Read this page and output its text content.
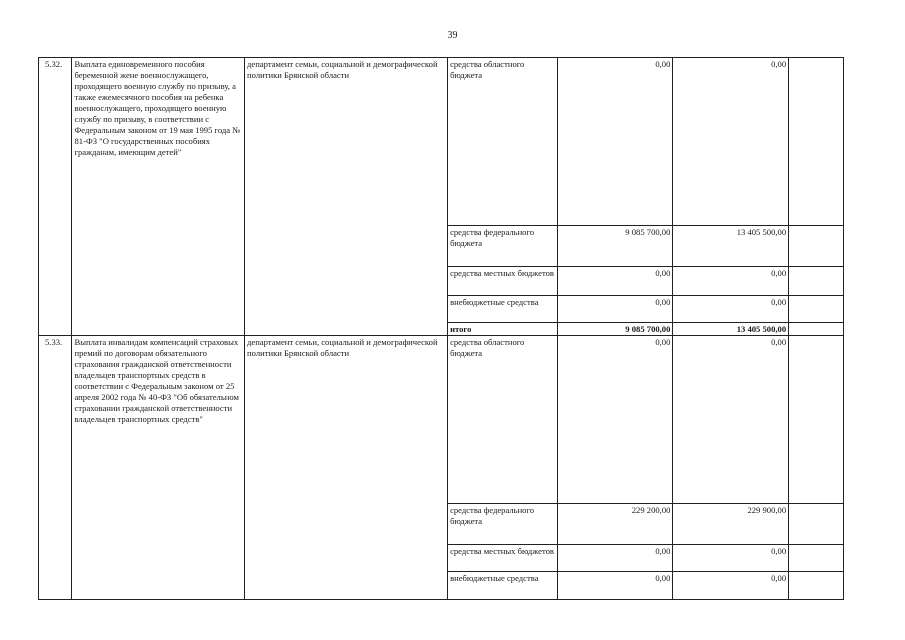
39
5.32.	Выплата единовременного пособия беременной жене военнослужащего, проходящего военную службу по призыву, а также ежемесячного пособия на ребенка военнослужащего, проходящего военную службу по призыву, в соответствии с Федеральным законом от 19 мая 1995 года № 81-ФЗ "О государственных пособиях гражданам, имеющим детей"	департамент семьи, социальной и демографической политики Брянской области	средства областного бюджета	0,00	0,00	
			средства федерального бюджета	9 085 700,00	13 405 500,00	
			средства местных бюджетов	0,00	0,00	
			внебюджетные средства	0,00	0,00	
			итого	9 085 700,00	13 405 500,00	
5.33.	Выплата инвалидам компенсаций страховых премий по договорам обязательного страхования гражданской ответственности владельцев транспортных средств в соответствии с Федеральным законом от 25 апреля 2002 года № 40-ФЗ "Об обязательном страховании гражданской ответственности владельцев транспортных средств"	департамент семьи, социальной и демографической политики Брянской области	средства областного бюджета	0,00	0,00	
			средства федерального бюджета	229 200,00	229 900,00	
			средства местных бюджетов	0,00	0,00	
			внебюджетные средства	0,00	0,00	
